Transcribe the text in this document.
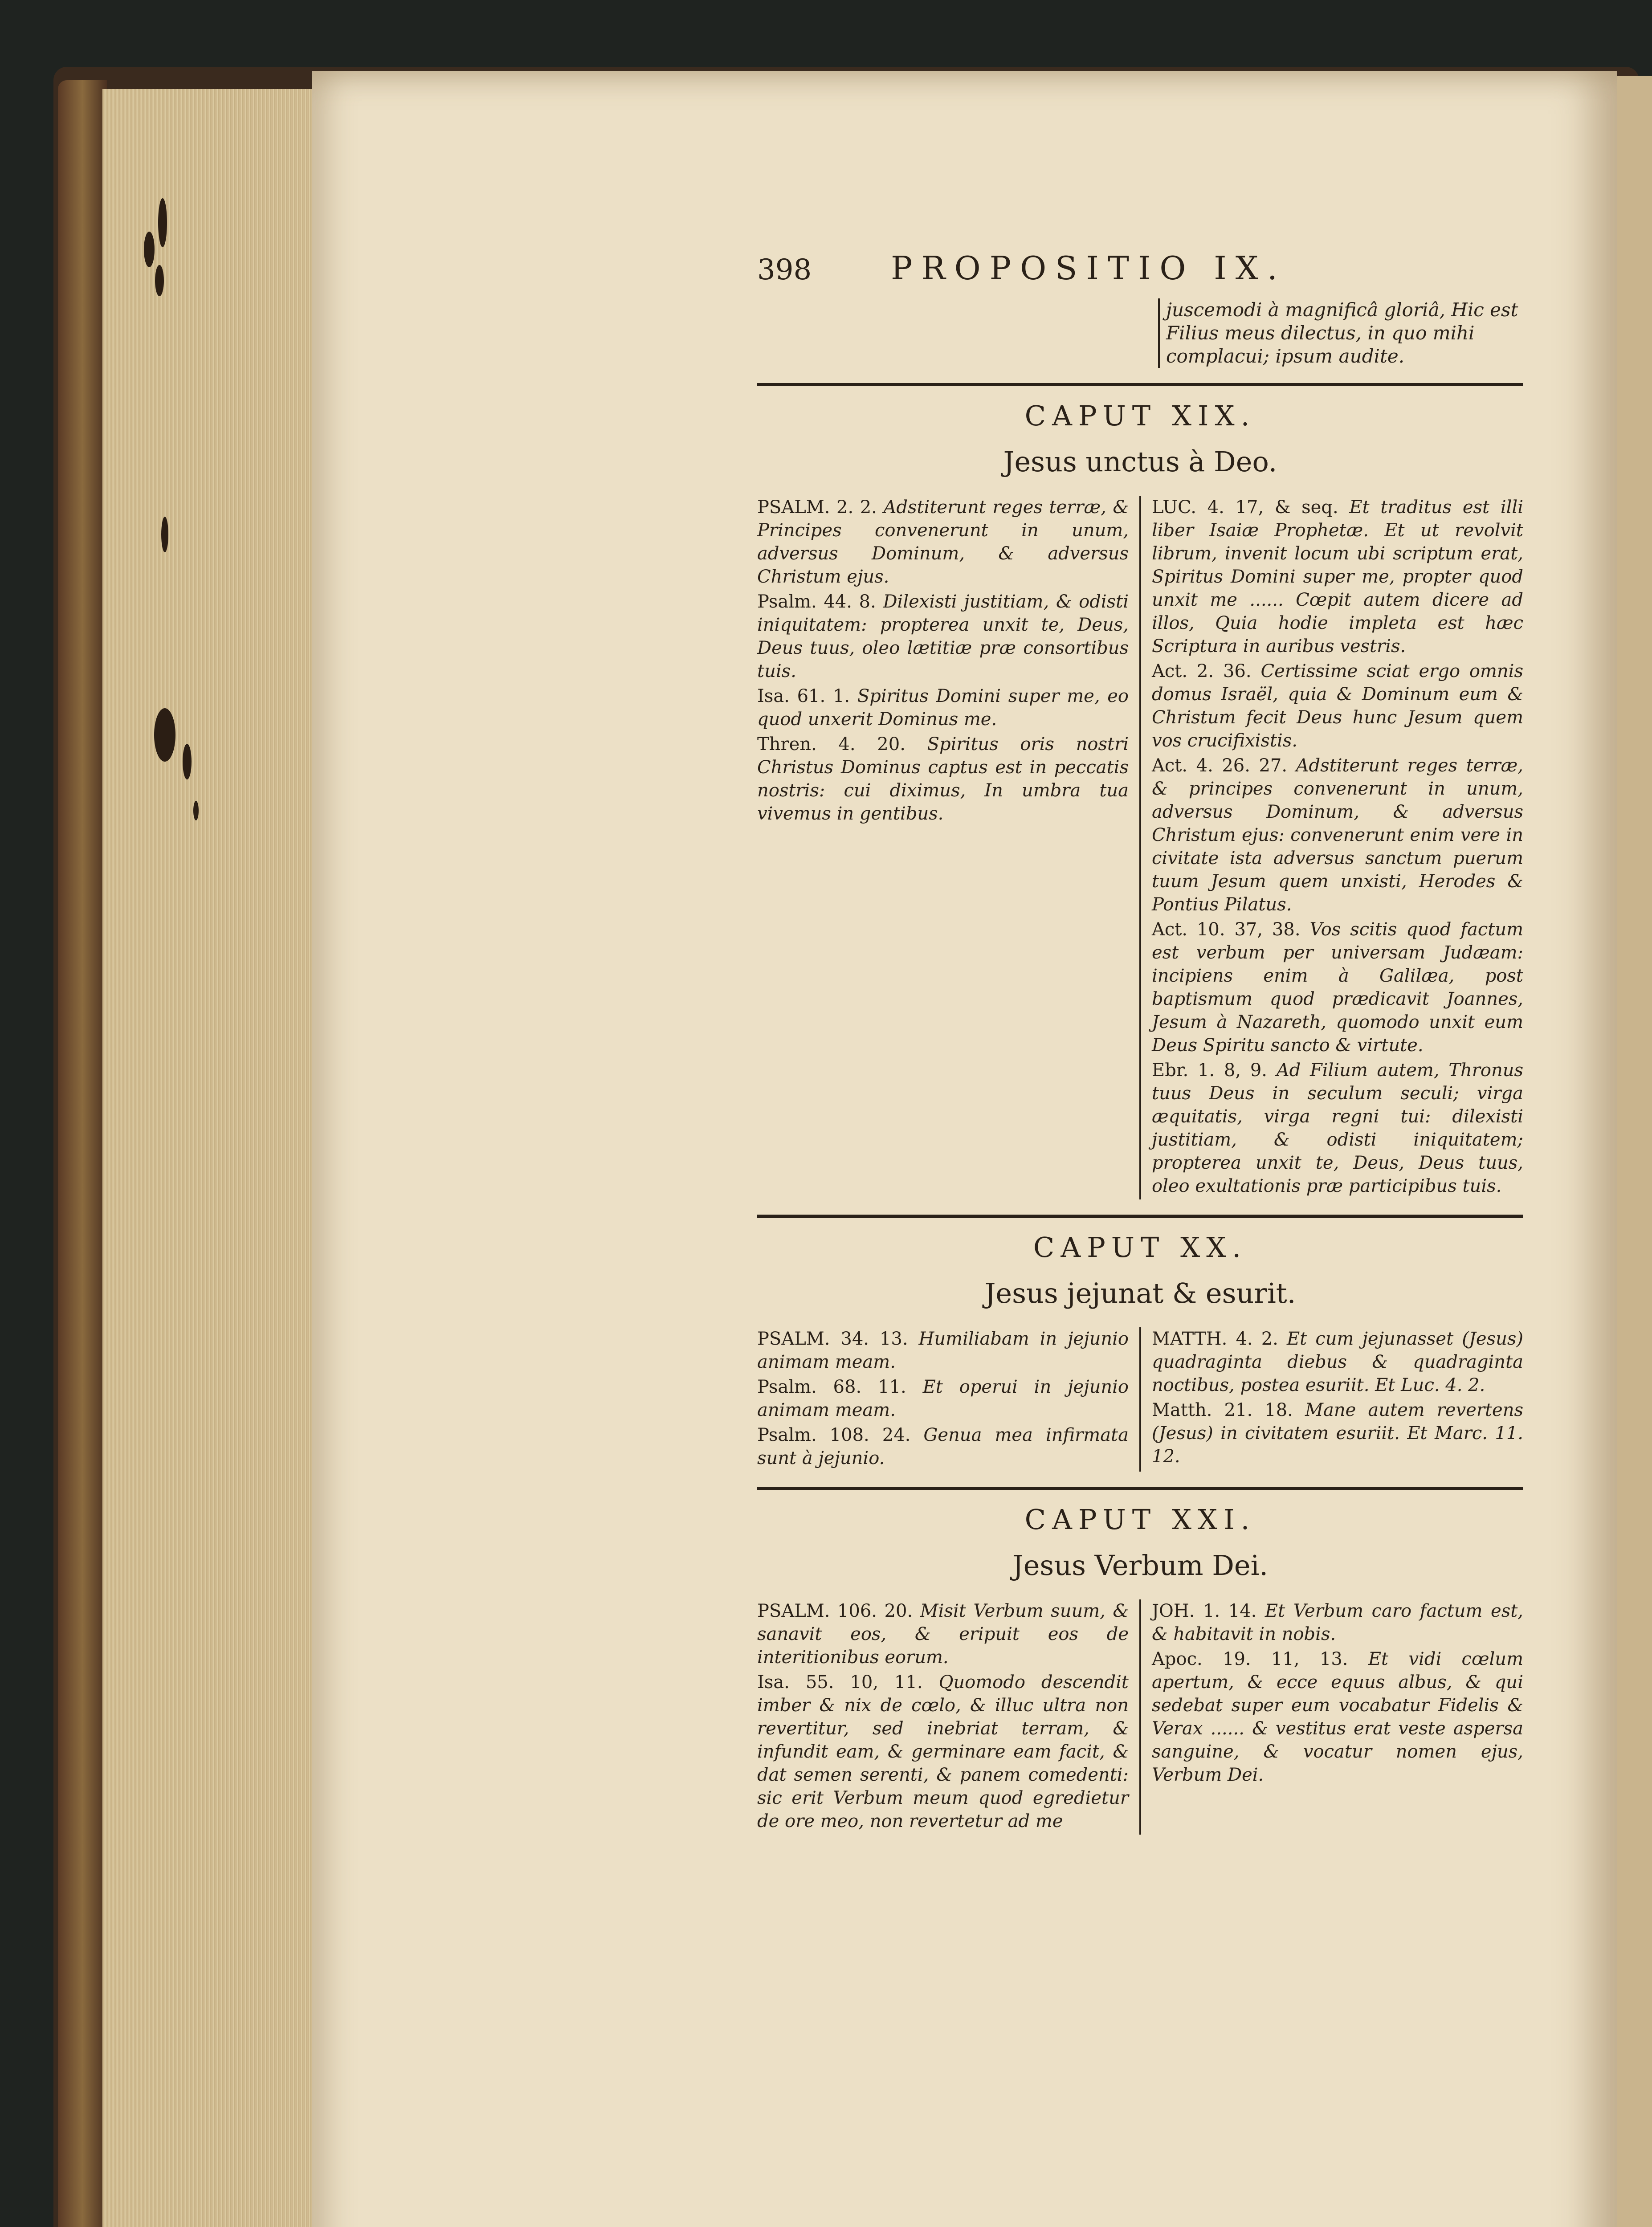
398	PROPOSITIO IX.
juscemodi à magnificâ gloriâ, Hic est Filius meus dilectus, in quo mihi complacui; ipsum audite.
CAPUT XIX.
Jesus unctus à Deo.
PSALM. 2. 2. Adstiterunt reges terræ, & Principes convenerunt in unum, adversus Dominum, & adversus Christum ejus.
Psalm. 44. 8. Dilexisti justitiam, & odisti iniquitatem: propterea unxit te, Deus, Deus tuus, oleo lætitiæ præ consortibus tuis.
Isa. 61. 1. Spiritus Domini super me, eo quod unxerit Dominus me.
Thren. 4. 20. Spiritus oris nostri Christus Dominus captus est in peccatis nostris: cui diximus, In umbra tua vivemus in gentibus.
LUC. 4. 17, & seq. Et traditus est illi liber Isaiæ Prophetæ. Et ut revolvit librum, invenit locum ubi scriptum erat, Spiritus Domini super me, propter quod unxit me ...... Cœpit autem dicere ad illos, Quia hodie impleta est hæc Scriptura in auribus vestris.
Act. 2. 36. Certissime sciat ergo omnis domus Israël, quia & Dominum eum & Christum fecit Deus hunc Jesum quem vos crucifixistis.
Act. 4. 26. 27. Adstiterunt reges terræ, & principes convenerunt in unum, adversus Dominum, & adversus Christum ejus: convenerunt enim vere in civitate ista adversus sanctum puerum tuum Jesum quem unxisti, Herodes & Pontius Pilatus.
Act. 10. 37, 38. Vos scitis quod factum est verbum per universam Judæam: incipiens enim à Galilæa, post baptismum quod prædicavit Joannes, Jesum à Nazareth, quomodo unxit eum Deus Spiritu sancto & virtute.
Ebr. 1. 8, 9. Ad Filium autem, Thronus tuus Deus in seculum seculi; virga æquitatis, virga regni tui: dilexisti justitiam, & odisti iniquitatem; propterea unxit te, Deus, Deus tuus, oleo exultationis præ participibus tuis.
CAPUT XX.
Jesus jejunat & esurit.
PSALM. 34. 13. Humiliabam in jejunio animam meam.
Psalm. 68. 11. Et operui in jejunio animam meam.
Psalm. 108. 24. Genua mea infirmata sunt à jejunio.
MATTH. 4. 2. Et cum jejunasset (Jesus) quadraginta diebus & quadraginta noctibus, postea esuriit. Et Luc. 4. 2.
Matth. 21. 18. Mane autem revertens (Jesus) in civitatem esuriit. Et Marc. 11. 12.
CAPUT XXI.
Jesus Verbum Dei.
PSALM. 106. 20. Misit Verbum suum, & sanavit eos, & eripuit eos de interitionibus eorum.
Isa. 55. 10, 11. Quomodo descendit imber & nix de cœlo, & illuc ultra non revertitur, sed inebriat terram, & infundit eam, & germinare eam facit, & dat semen serenti, & panem comedenti: sic erit Verbum meum quod egredietur de ore meo, non revertetur ad me
JOH. 1. 14. Et Verbum caro factum est, & habitavit in nobis.
Apoc. 19. 11, 13. Et vidi cœlum apertum, & ecce equus albus, & qui sedebat super eum vocabatur Fidelis & Verax ...... & vestitus erat veste aspersa sanguine, & vocatur nomen ejus, Verbum Dei.
